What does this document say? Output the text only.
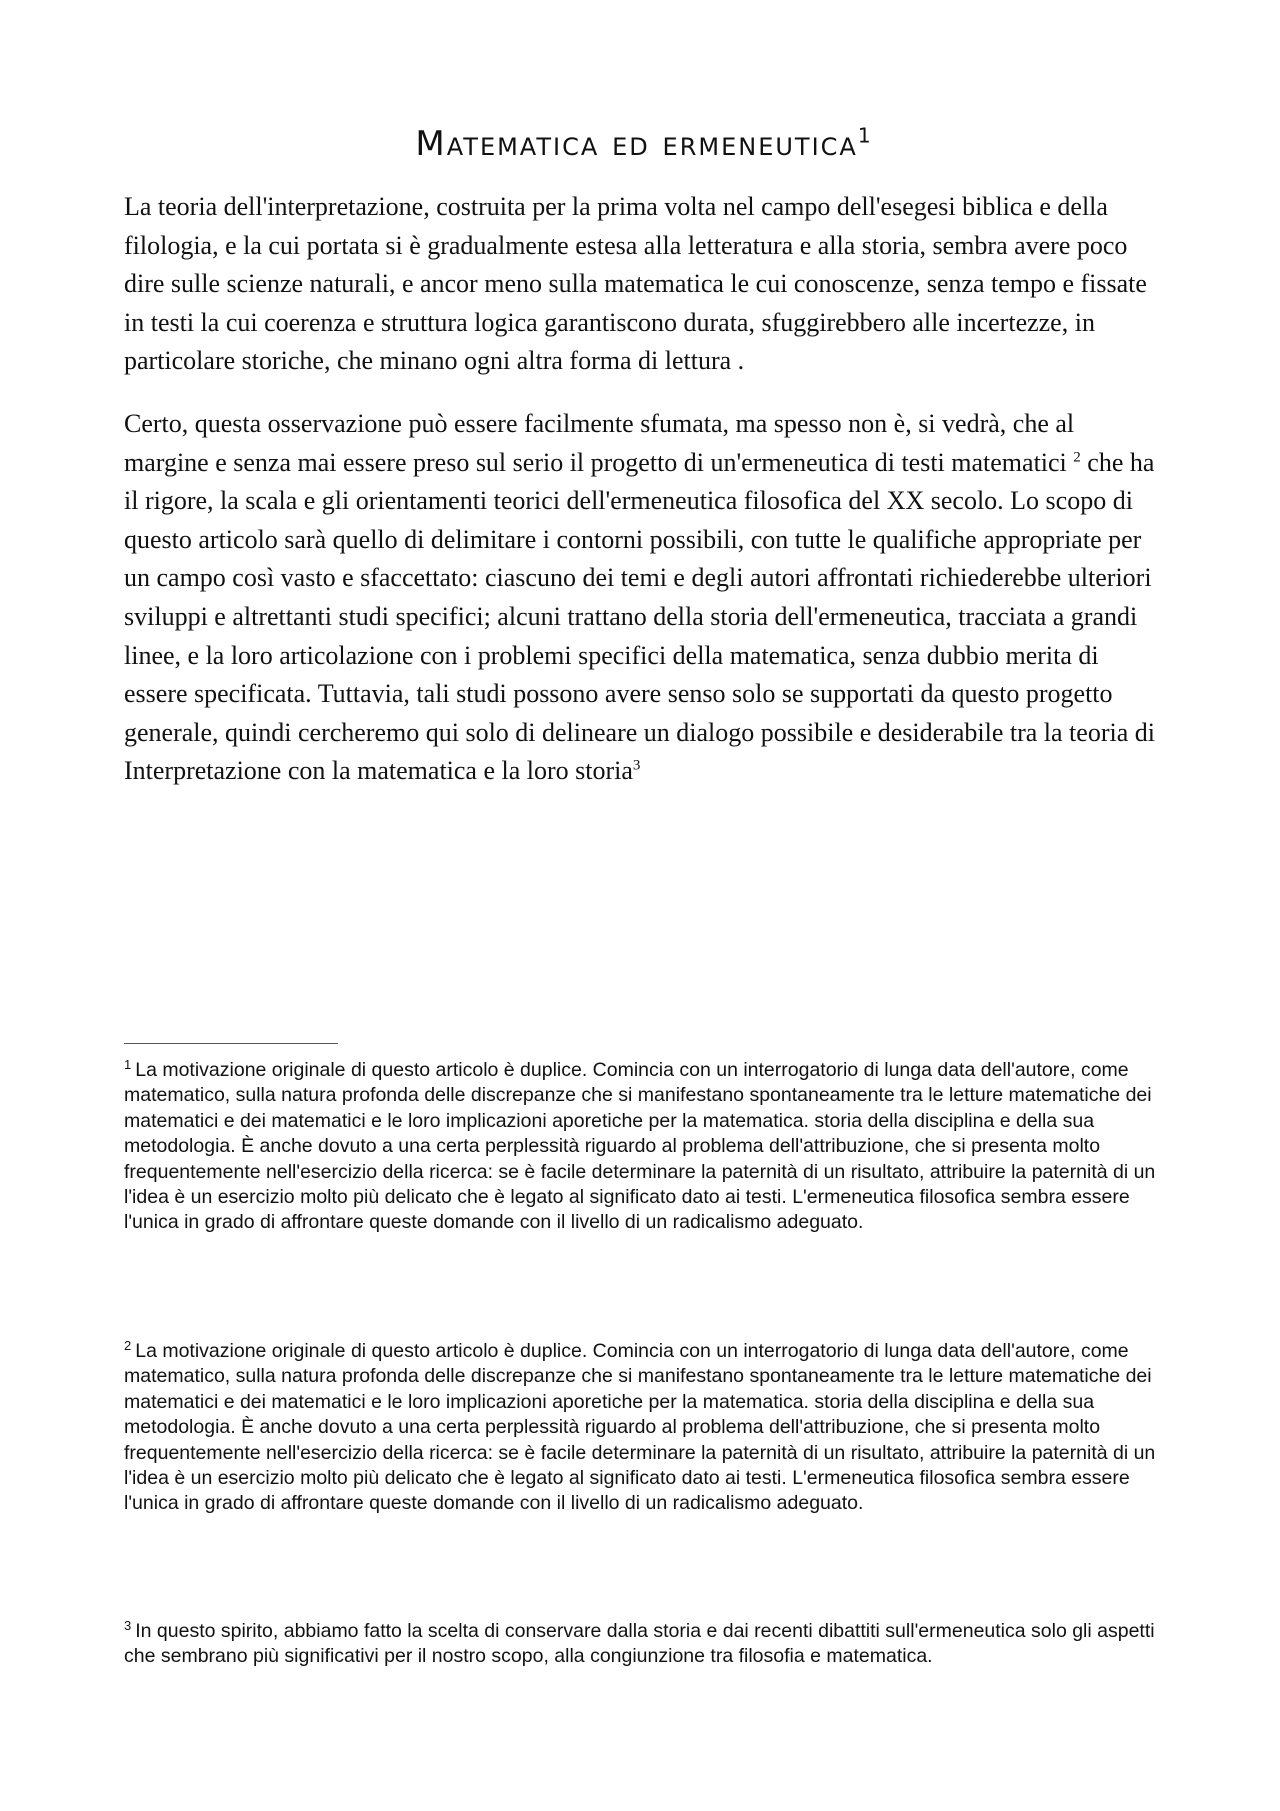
Matematica ed ermeneutica$^1$

La teoria dell'interpretazione, costruita per la prima volta nel campo dell'esegesi biblica e della filologia, e la cui portata si è gradualmente estesa alla letteratura e alla storia, sembra avere poco dire sulle scienze naturali, e ancor meno sulla matematica le cui conoscenze, senza tempo e fissate in testi la cui coerenza e struttura logica garantiscono durata, sfuggirebbero alle incertezze, in particolare storiche, che minano ogni altra forma di lettura .

Certo, questa osservazione può essere facilmente sfumata, ma spesso non è, si vedrà, che al margine e senza mai essere preso sul serio il progetto di un'ermeneutica di testi matematici $^2$ che ha il rigore, la scala e gli orientamenti teorici dell'ermeneutica filosofica del XX secolo. Lo scopo di questo articolo sarà quello di delimitare i contorni possibili, con tutte le qualifiche appropriate per un campo così vasto e sfaccettato: ciascuno dei temi e degli autori affrontati richiederebbe ulteriori sviluppi e altrettanti studi specifici; alcuni trattano della storia dell'ermeneutica, tracciata a grandi linee, e la loro articolazione con i problemi specifici della matematica, senza dubbio merita di essere specificata. Tuttavia, tali studi possono avere senso solo se supportati da questo progetto generale, quindi cercheremo qui solo di delineare un dialogo possibile e desiderabile tra la teoria di Interpretazione con la matematica e la loro storia$^3$

$^1$ La motivazione originale di questo articolo è duplice. Comincia con un interrogatorio di lunga data dell'autore, come matematico, sulla natura profonda delle discrepanze che si manifestano spontaneamente tra le letture matematiche dei matematici e dei matematici e le loro implicazioni aporetiche per la matematica. storia della disciplina e della sua metodologia. È anche dovuto a una certa perplessità riguardo al problema dell'attribuzione, che si presenta molto frequentemente nell'esercizio della ricerca: se è facile determinare la paternità di un risultato, attribuire la paternità di un l'idea è un esercizio molto più delicato che è legato al significato dato ai testi. L'ermeneutica filosofica sembra essere l'unica in grado di affrontare queste domande con il livello di un radicalismo adeguato.

$^2$ La motivazione originale di questo articolo è duplice. Comincia con un interrogatorio di lunga data dell'autore, come matematico, sulla natura profonda delle discrepanze che si manifestano spontaneamente tra le letture matematiche dei matematici e dei matematici e le loro implicazioni aporetiche per la matematica. storia della disciplina e della sua metodologia. È anche dovuto a una certa perplessità riguardo al problema dell'attribuzione, che si presenta molto frequentemente nell'esercizio della ricerca: se è facile determinare la paternità di un risultato, attribuire la paternità di un l'idea è un esercizio molto più delicato che è legato al significato dato ai testi. L'ermeneutica filosofica sembra essere l'unica in grado di affrontare queste domande con il livello di un radicalismo adeguato.

$^3$ In questo spirito, abbiamo fatto la scelta di conservare dalla storia e dai recenti dibattiti sull'ermeneutica solo gli aspetti che sembrano più significativi per il nostro scopo, alla congiunzione tra filosofia e matematica.
